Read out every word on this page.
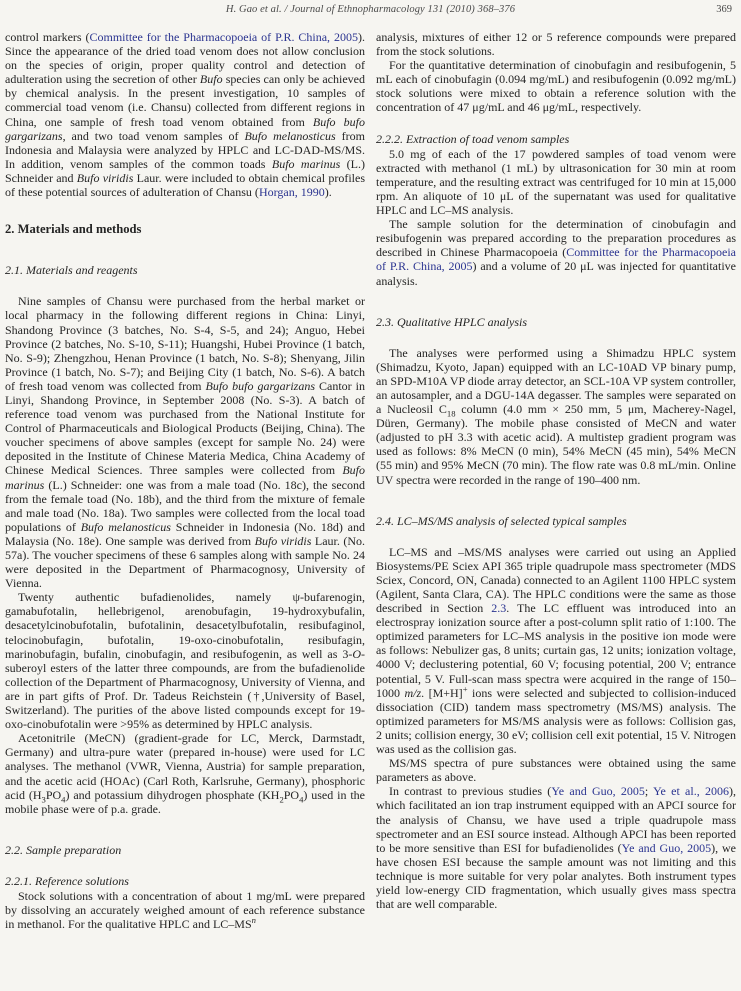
H. Gao et al. / Journal of Ethnopharmacology 131 (2010) 368–376	369

control markers (Committee for the Pharmacopoeia of P.R. China, 2005). Since the appearance of the dried toad venom does not allow conclusion on the species of origin, proper quality control and detection of adulteration using the secretion of other Bufo species can only be achieved by chemical analysis. In the present investigation, 10 samples of commercial toad venom (i.e. Chansu) collected from different regions in China, one sample of fresh toad venom obtained from Bufo bufo gargarizans, and two toad venom samples of Bufo melanosticus from Indonesia and Malaysia were analyzed by HPLC and LC-DAD-MS/MS. In addition, venom samples of the common toads Bufo marinus (L.) Schneider and Bufo viridis Laur. were included to obtain chemical profiles of these potential sources of adulteration of Chansu (Horgan, 1990).

2. Materials and methods
2.1. Materials and reagents

Nine samples of Chansu were purchased from the herbal market or local pharmacy in the following different regions in China: Linyi, Shandong Province (3 batches, No. S-4, S-5, and 24); Anguo, Hebei Province (2 batches, No. S-10, S-11); Huangshi, Hubei Province (1 batch, No. S-9); Zhengzhou, Henan Province (1 batch, No. S-8); Shenyang, Jilin Province (1 batch, No. S-7); and Beijing City (1 batch, No. S-6). A batch of fresh toad venom was collected from Bufo bufo gargarizans Cantor in Linyi, Shandong Province, in September 2008 (No. S-3). A batch of reference toad venom was purchased from the National Institute for Control of Pharmaceuticals and Biological Products (Beijing, China). The voucher specimens of above samples (except for sample No. 24) were deposited in the Institute of Chinese Materia Medica, China Academy of Chinese Medical Sciences. Three samples were collected from Bufo marinus (L.) Schneider: one was from a male toad (No. 18c), the second from the female toad (No. 18b), and the third from the mixture of female and male toad (No. 18a). Two samples were collected from the local toad populations of Bufo melanosticus Schneider in Indonesia (No. 18d) and Malaysia (No. 18e). One sample was derived from Bufo viridis Laur. (No. 57a). The voucher specimens of these 6 samples along with sample No. 24 were deposited in the Department of Pharmacognosy, University of Vienna.

Twenty authentic bufadienolides, namely ψ-bufarenogin, gamabufotalin, hellebrigenol, arenobufagin, 19-hydroxybufalin, desacetylcinobufotalin, bufotalinin, desacetylbufotalin, resibufaginol, telocinobufagin, bufotalin, 19-oxo-cinobufotalin, resibufagin, marinobufagin, bufalin, cinobufagin, and resibufogenin, as well as 3-O-suberoyl esters of the latter three compounds, are from the bufadienolide collection of the Department of Pharmacognosy, University of Vienna, and are in part gifts of Prof. Dr. Tadeus Reichstein (†,University of Basel, Switzerland). The purities of the above listed compounds except for 19-oxo-cinobufotalin were >95% as determined by HPLC analysis.

Acetonitrile (MeCN) (gradient-grade for LC, Merck, Darmstadt, Germany) and ultra-pure water (prepared in-house) were used for LC analyses. The methanol (VWR, Vienna, Austria) for sample preparation, and the acetic acid (HOAc) (Carl Roth, Karlsruhe, Germany), phosphoric acid $(H_3PO_4)$ and potassium dihydrogen phosphate $(KH_2PO_4)$ used in the mobile phase were of p.a. grade.

2.2. Sample preparation
2.2.1. Reference solutions

Stock solutions with a concentration of about 1 mg/mL were prepared by dissolving an accurately weighed amount of each reference substance in methanol. For the qualitative HPLC and $LC-MS^n$

analysis, mixtures of either 12 or 5 reference compounds were prepared from the stock solutions.

For the quantitative determination of cinobufagin and resibufogenin, 5 mL each of cinobufagin (0.094 mg/mL) and resibufogenin (0.092 mg/mL) stock solutions were mixed to obtain a reference solution with the concentration of 47 μg/mL and 46 μg/mL, respectively.

2.2.2. Extraction of toad venom samples

5.0 mg of each of the 17 powdered samples of toad venom were extracted with methanol (1 mL) by ultrasonication for 30 min at room temperature, and the resulting extract was centrifuged for 10 min at 15,000 rpm. An aliquote of 10 μL of the supernatant was used for qualitative HPLC and LC–MS analysis.

The sample solution for the determination of cinobufagin and resibufogenin was prepared according to the preparation procedures as described in Chinese Pharmacopoeia (Committee for the Pharmacopoeia of P.R. China, 2005) and a volume of 20 μL was injected for quantitative analysis.

2.3. Qualitative HPLC analysis

The analyses were performed using a Shimadzu HPLC system (Shimadzu, Kyoto, Japan) equipped with an LC-10AD VP binary pump, an SPD-M10A VP diode array detector, an SCL-10A VP system controller, an autosampler, and a DGU-14A degasser. The samples were separated on a Nucleosil $C_{18}$ column (4.0 mm × 250 mm, 5 μm, Macherey-Nagel, Düren, Germany). The mobile phase consisted of MeCN and water (adjusted to pH 3.3 with acetic acid). A multistep gradient program was used as follows: 8% MeCN (0 min), 54% MeCN (45 min), 54% MeCN (55 min) and 95% MeCN (70 min). The flow rate was 0.8 mL/min. Online UV spectra were recorded in the range of 190–400 nm.

2.4. LC–MS/MS analysis of selected typical samples

LC–MS and –MS/MS analyses were carried out using an Applied Biosystems/PE Sciex API 365 triple quadrupole mass spectrometer (MDS Sciex, Concord, ON, Canada) connected to an Agilent 1100 HPLC system (Agilent, Santa Clara, CA). The HPLC conditions were the same as those described in Section 2.3. The LC effluent was introduced into an electrospray ionization source after a post-column split ratio of 1:100. The optimized parameters for LC–MS analysis in the positive ion mode were as follows: Nebulizer gas, 8 units; curtain gas, 12 units; ionization voltage, 4000 V; declustering potential, 60 V; focusing potential, 200 V; entrance potential, 5 V. Full-scan mass spectra were acquired in the range of 150–1000 m/z. [M+H]+ ions were selected and subjected to collision-induced dissociation (CID) tandem mass spectrometry (MS/MS) analysis. The optimized parameters for MS/MS analysis were as follows: Collision gas, 2 units; collision energy, 30 eV; collision cell exit potential, 15 V. Nitrogen was used as the collision gas.

MS/MS spectra of pure substances were obtained using the same parameters as above.

In contrast to previous studies (Ye and Guo, 2005; Ye et al., 2006), which facilitated an ion trap instrument equipped with an APCI source for the analysis of Chansu, we have used a triple quadrupole mass spectrometer and an ESI source instead. Although APCI has been reported to be more sensitive than ESI for bufadienolides (Ye and Guo, 2005), we have chosen ESI because the sample amount was not limiting and this technique is more suitable for very polar analytes. Both instrument types yield low-energy CID fragmentation, which usually gives mass spectra that are well comparable.
